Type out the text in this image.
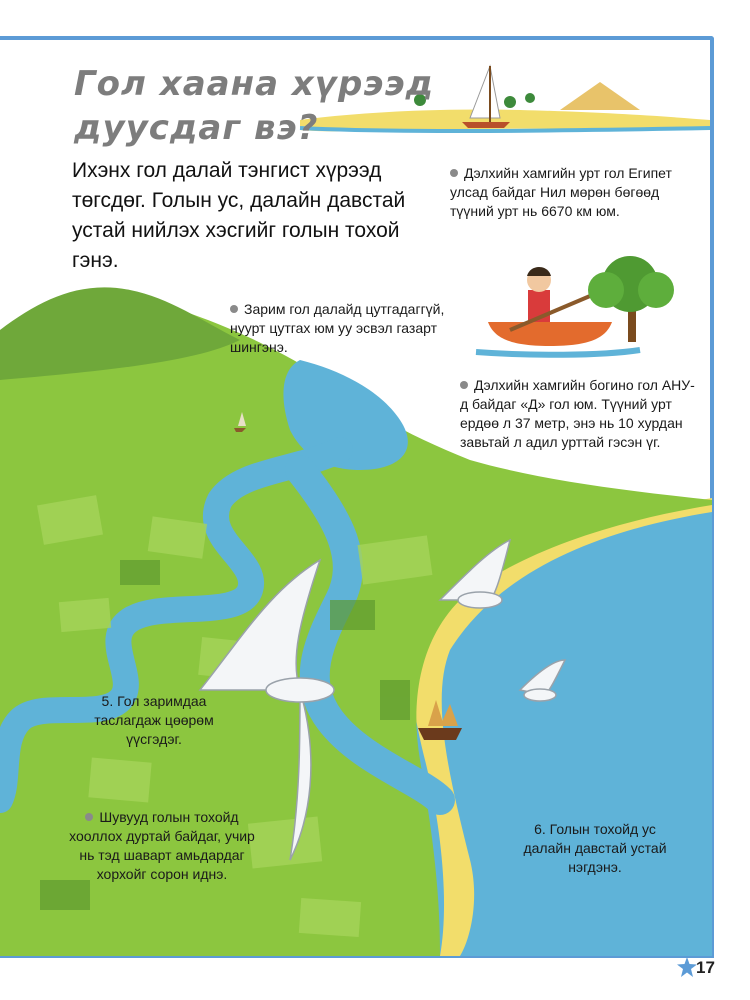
Гол хаана хүрээд
дуусдаг вэ?

Ихэнх гол далай тэнгист хүрээд төгсдөг. Голын ус, далайн давстай устай нийлэх хэсгийг голын тохой гэнэ.

Дэлхийн хамгийн урт гол Египет улсад байдаг Нил мөрөн бөгөөд түүний урт нь 6670 км юм.

Зарим гол далайд цутгадаггүй, нуурт цутгах юм уу эсвэл газарт шингэнэ.

Дэлхийн хамгийн богино гол АНУ-д байдаг «Д» гол юм. Түүний урт ердөө л 37 метр, энэ нь 10 хурдан завьтай л адил урттай гэсэн үг.

5. Гол заримдаа таслагдаж цөөрөм үүсгэдэг.

Шувууд голын тохойд хооллох дуртай байдаг, учир нь тэд шаварт амьдардаг хорхойг сорон иднэ.

6. Голын тохойд ус далайн давстай устай нэгдэнэ.

17
